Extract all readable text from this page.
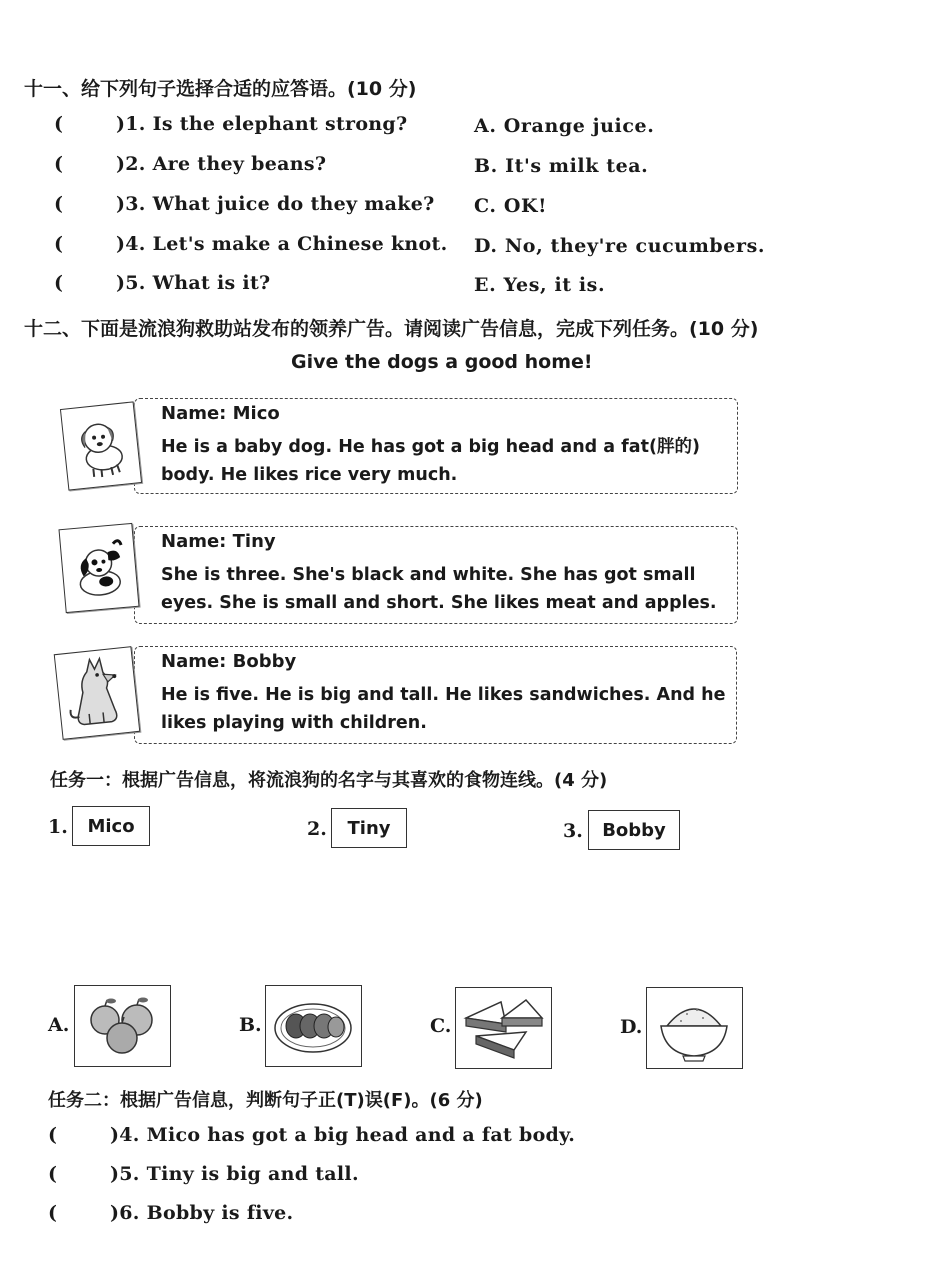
十一、给下列句子选择合适的应答语。(10 分)
(	)1. Is the elephant strong?
(	)2. Are they beans?
(	)3. What juice do they make?
(	)4. Let's make a Chinese knot.
(	)5. What is it?
A. Orange juice.
B. It's milk tea.
C. OK!
D. No, they're cucumbers.
E. Yes, it is.
十二、下面是流浪狗救助站发布的领养广告。请阅读广告信息，完成下列任务。(10 分)
Give the dogs a good home!
Name: Mico
He is a baby dog. He has got a big head and a fat(胖的) body. He likes rice very much.
Name: Tiny
She is three. She's black and white. She has got small eyes. She is small and short. She likes meat and apples.
Name: Bobby
He is five. He is big and tall. He likes sandwiches. And he likes playing with children.
任务一：根据广告信息，将流浪狗的名字与其喜欢的食物连线。(4 分)
1.	Mico	2.	Tiny	3.	Bobby
A.	B.	C.	D.
任务二：根据广告信息，判断句子正(T)误(F)。(6 分)
(	)4. Mico has got a big head and a fat body.
(	)5. Tiny is big and tall.
(	)6. Bobby is five.
